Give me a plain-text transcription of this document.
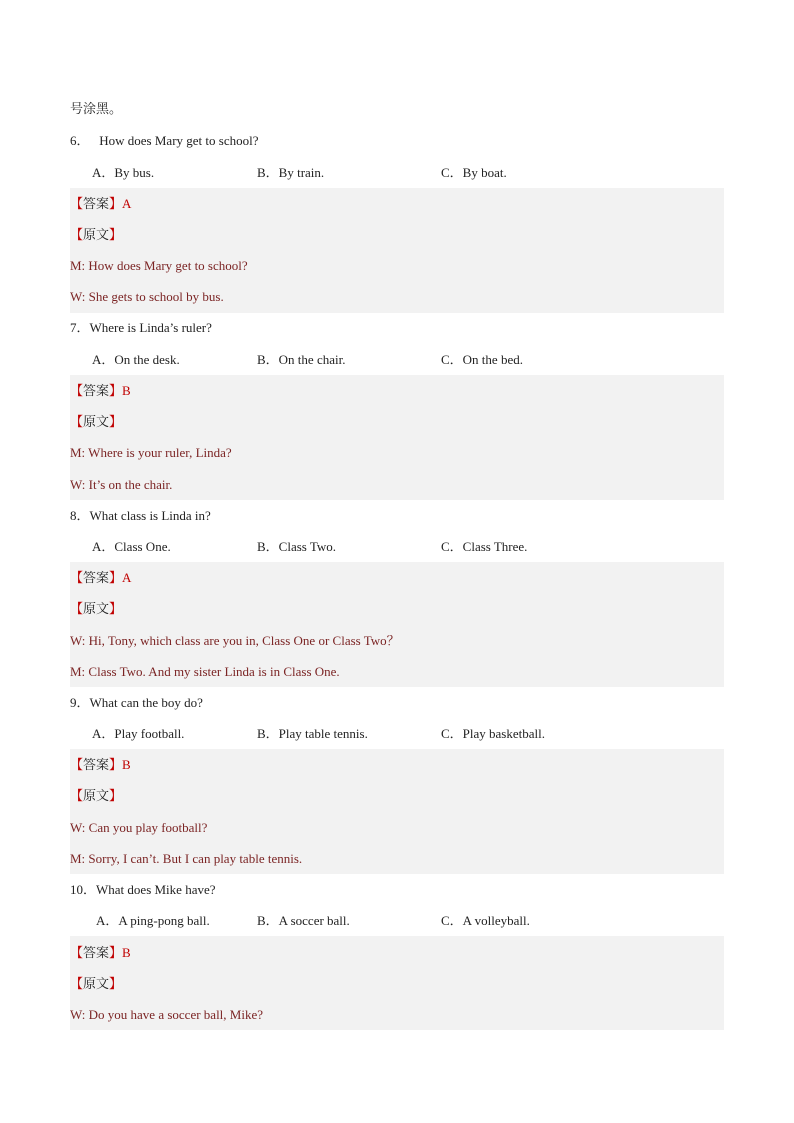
号涂黑。
6． How does Mary get to school?
A．By bus.	B．By train.	C．By boat.
【答案】A
【原文】
M: How does Mary get to school?
W: She gets to school by bus.
7．Where is Linda’s ruler?
A．On the desk.	B．On the chair.	C．On the bed.
【答案】B
【原文】
M: Where is your ruler, Linda?
W: It’s on the chair.
8．What class is Linda in?
A．Class One.	B．Class Two.	C．Class Three.
【答案】A
【原文】
W: Hi, Tony, which class are you in, Class One or Class Two？
M: Class Two. And my sister Linda is in Class One.
9．What can the boy do?
A．Play football.	B．Play table tennis.	C．Play basketball.
【答案】B
【原文】
W: Can you play football?
M: Sorry, I can’t. But I can play table tennis.
10．What does Mike have?
A．A ping-pong ball.	B．A soccer ball.	C．A volleyball.
【答案】B
【原文】
W: Do you have a soccer ball, Mike?
